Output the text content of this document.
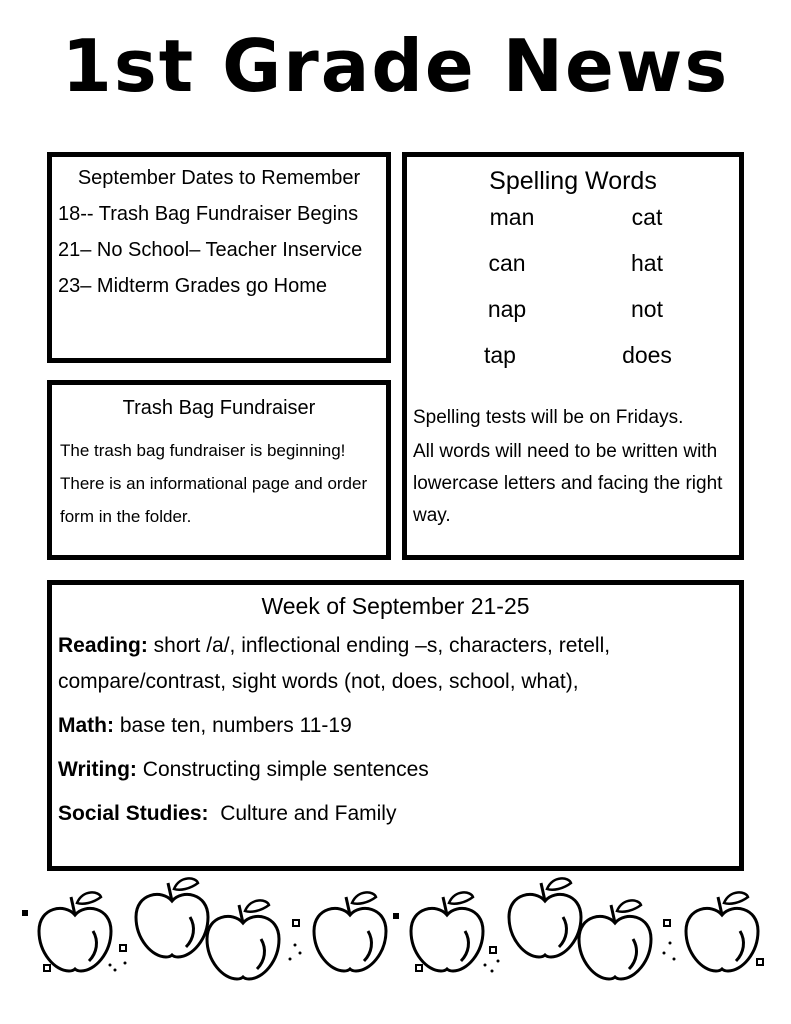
1st Grade News
September Dates to Remember
18-- Trash Bag Fundraiser Begins
21– No School– Teacher Inservice
23– Midterm Grades go Home
Trash Bag Fundraiser
The trash bag fundraiser is beginning! There is an informational page and order form in the folder.
Spelling Words
man	cat
can	hat
nap	not
tap	does
Spelling tests will be on Fridays.
All words will need to be written with lowercase letters and facing the right way.
Week of September 21-25
Reading: short /a/, inflectional ending –s, characters, retell, compare/contrast, sight words (not, does, school, what),
Math: base ten, numbers 11-19
Writing: Constructing simple sentences
Social Studies:  Culture and Family
